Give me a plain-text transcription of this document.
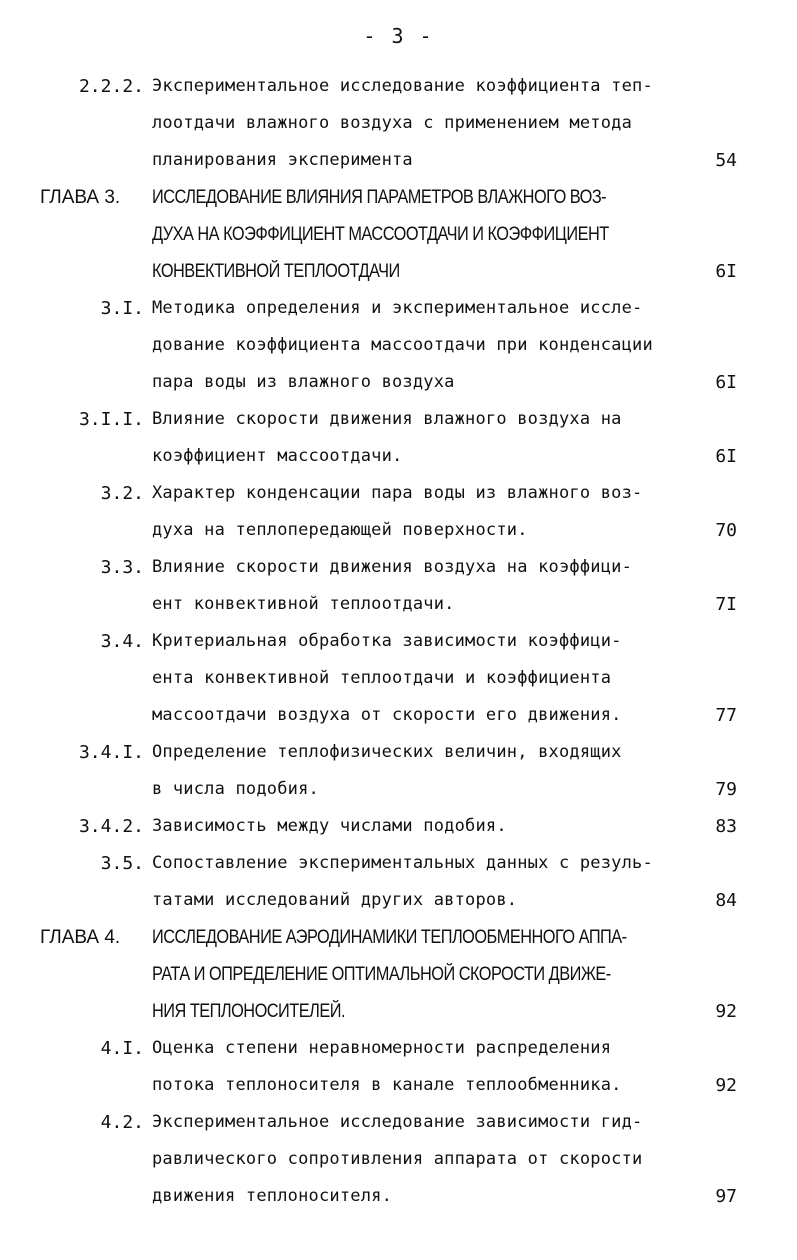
- 3 -
2.2.2. Экспериментальное исследование коэффициента теп-
лоотдачи влажного воздуха с применением метода
планирования эксперимента	54
ГЛАВА 3.	ИССЛЕДОВАНИЕ ВЛИЯНИЯ ПАРАМЕТРОВ ВЛАЖНОГО ВОЗ-
ДУХА НА КОЭФФИЦИЕНТ МАССООТДАЧИ И КОЭФФИЦИЕНТ
КОНВЕКТИВНОЙ ТЕПЛООТДАЧИ	6I
3.I. Методика определения и экспериментальное иссле-
дование коэффициента массоотдачи при конденсации
пара воды из влажного воздуха	6I
3.I.I. Влияние скорости движения влажного воздуха на
коэффициент массоотдачи.	6I
3.2. Характер конденсации пара воды из влажного воз-
духа на теплопередающей поверхности.	70
3.3. Влияние скорости движения воздуха на коэффици-
ент конвективной теплоотдачи.	7I
3.4. Критериальная обработка зависимости коэффици-
ента конвективной теплоотдачи и коэффициента
массоотдачи воздуха от скорости его движения.	77
3.4.I. Определение теплофизических величин, входящих
в числа подобия.	79
3.4.2. Зависимость между числами подобия.	83
3.5. Сопоставление экспериментальных данных с резуль-
татами исследований других авторов.	84
ГЛАВА 4.	ИССЛЕДОВАНИЕ АЭРОДИНАМИКИ ТЕПЛООБМЕННОГО АППА-
РАТА И ОПРЕДЕЛЕНИЕ ОПТИМАЛЬНОЙ СКОРОСТИ ДВИЖЕ-
НИЯ ТЕПЛОНОСИТЕЛЕЙ.	92
4.I. Оценка степени неравномерности распределения
потока теплоносителя в канале теплообменника.	92
4.2. Экспериментальное исследование зависимости гид-
равлического сопротивления аппарата от скорости
движения теплоносителя.	97
